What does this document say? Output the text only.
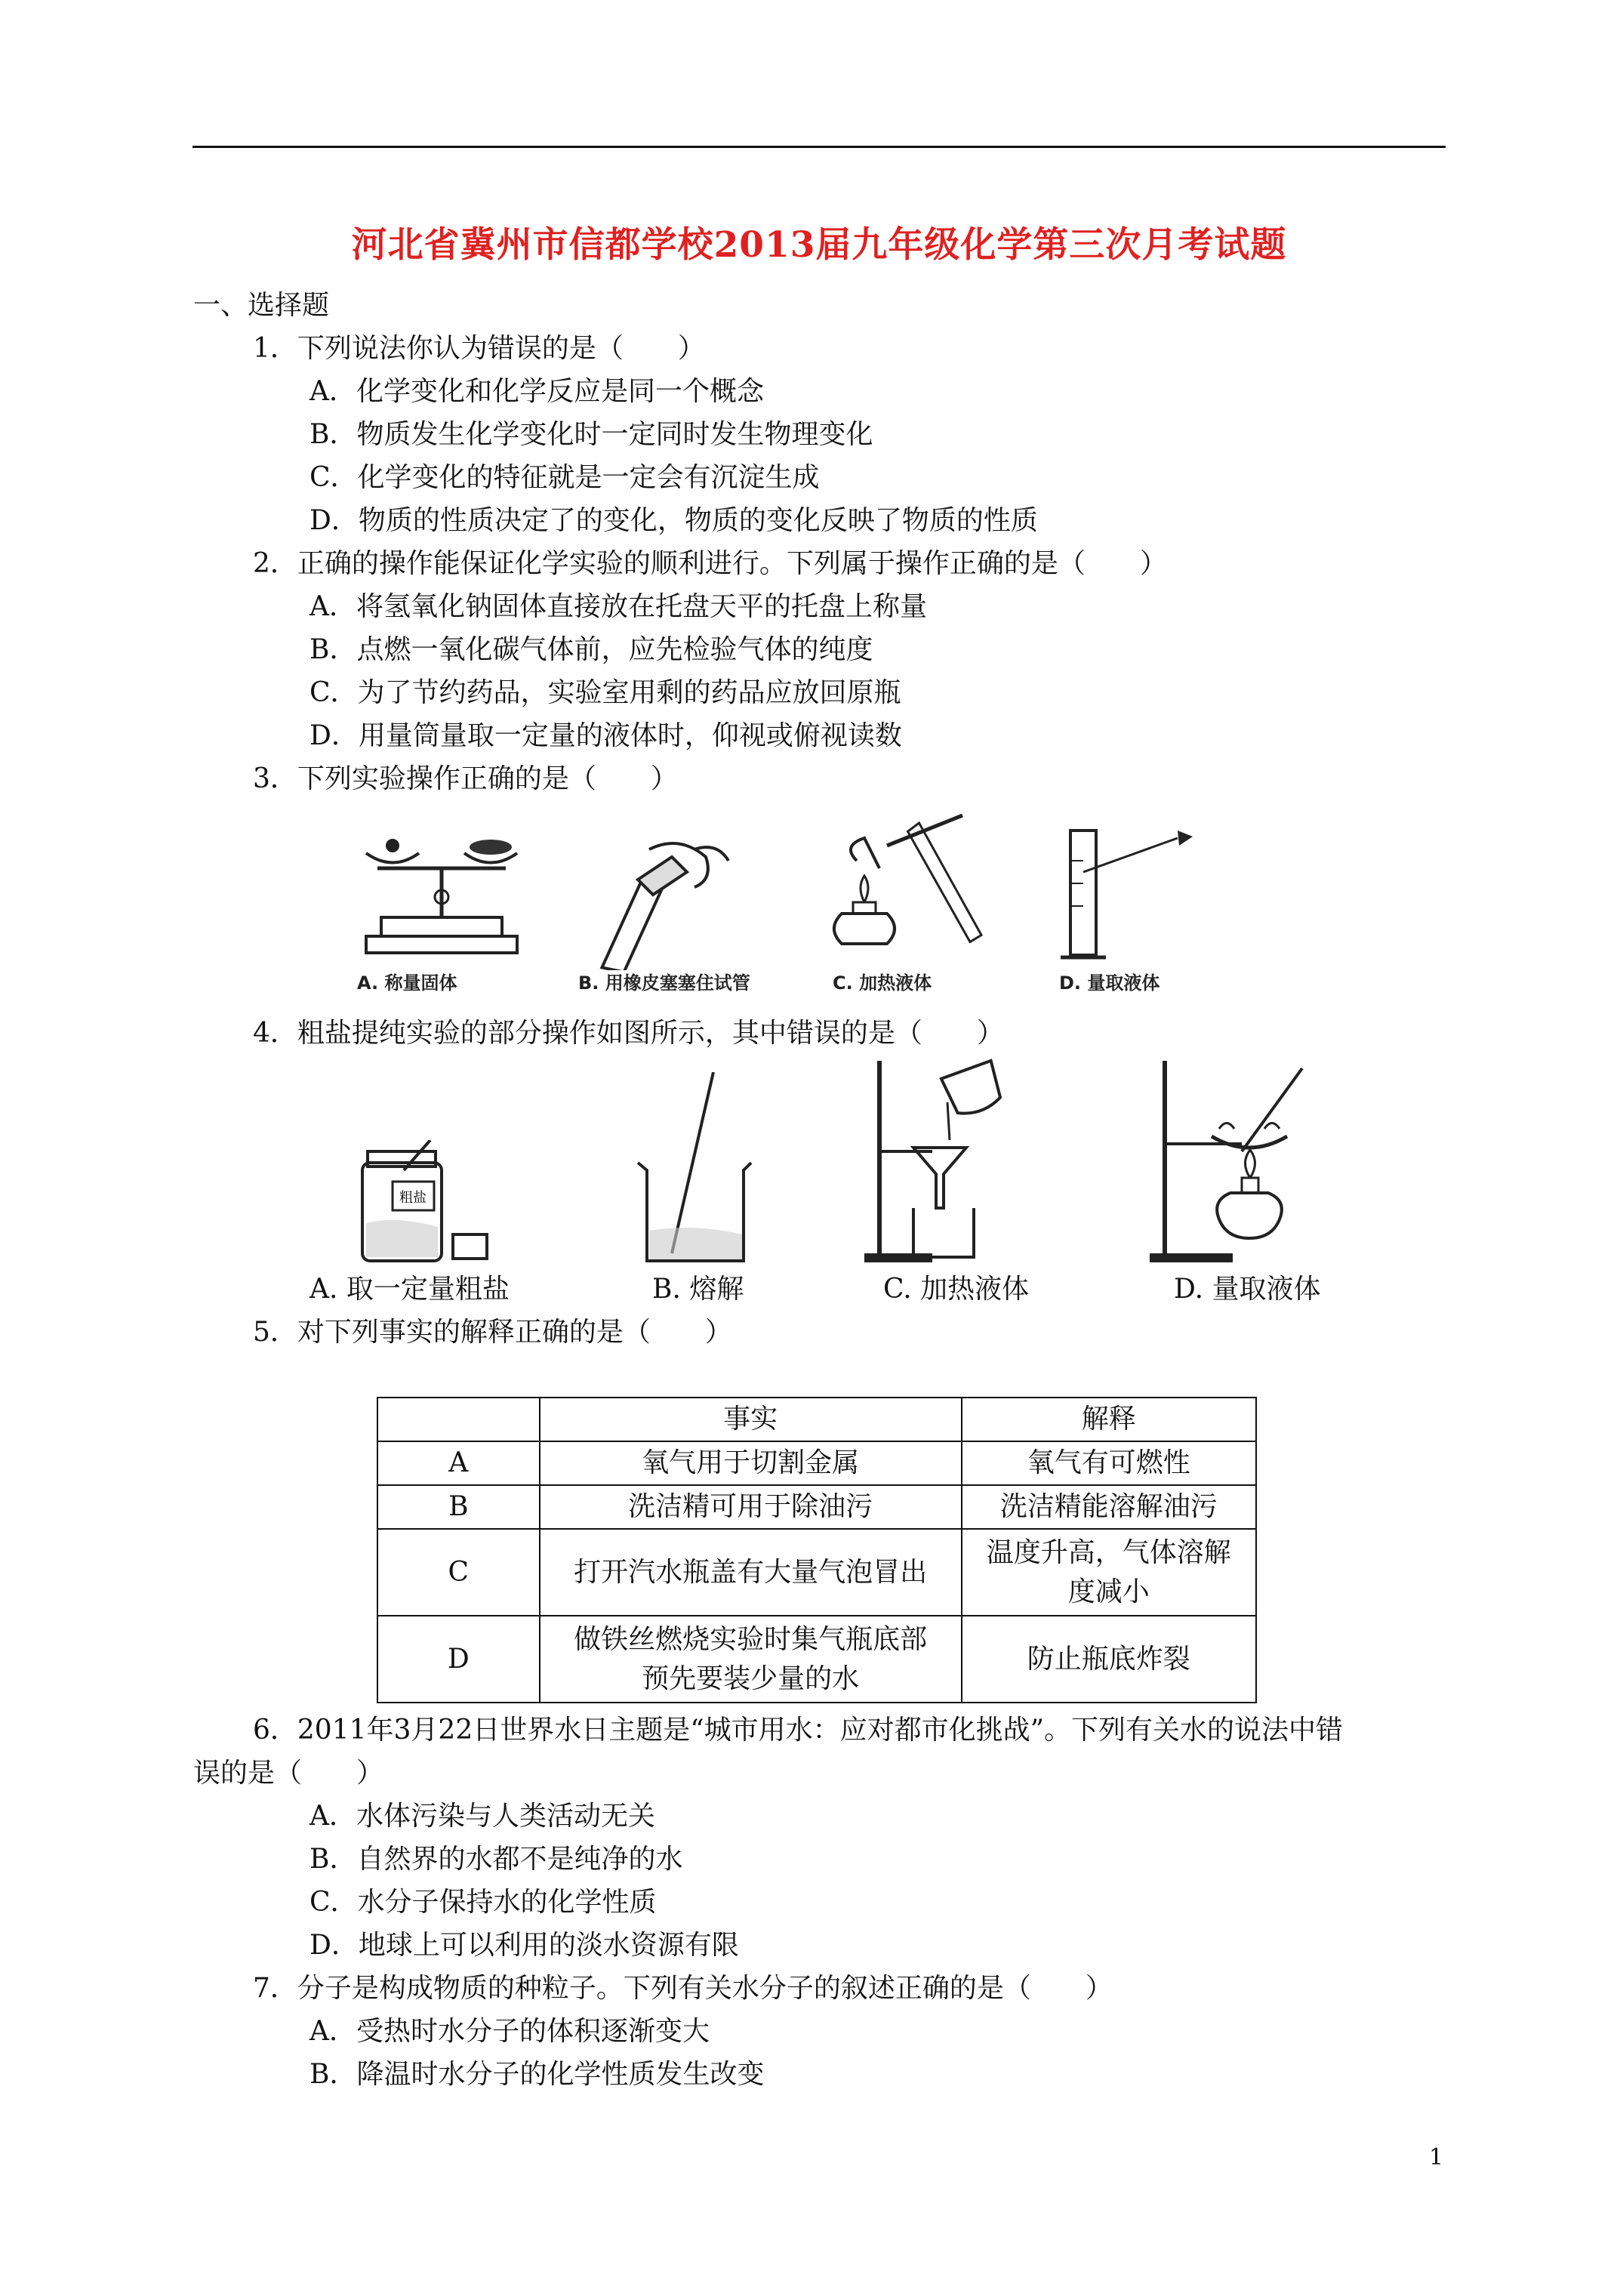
河北省冀州市信都学校2013届九年级化学第三次月考试题
一、选择题
1．下列说法你认为错误的是（　　）
A．化学变化和化学反应是同一个概念
B．物质发生化学变化时一定同时发生物理变化
C．化学变化的特征就是一定会有沉淀生成
D．物质的性质决定了的变化，物质的变化反映了物质的性质
2．正确的操作能保证化学实验的顺利进行。下列属于操作正确的是（　　）
A．将氢氧化钠固体直接放在托盘天平的托盘上称量
B．点燃一氧化碳气体前，应先检验气体的纯度
C．为了节约药品，实验室用剩的药品应放回原瓶
D．用量筒量取一定量的液体时，仰视或俯视读数
3．下列实验操作正确的是（　　）
A. 称量固体	B. 用橡皮塞塞住试管	C. 加热液体	D. 量取液体
4．粗盐提纯实验的部分操作如图所示，其中错误的是（　　）
粗盐
A. 取一定量粗盐	B. 熔解	C. 加热液体	D. 量取液体
5．对下列事实的解释正确的是（　　）
	事实	解释
A	氧气用于切割金属	氧气有可燃性
B	洗洁精可用于除油污	洗洁精能溶解油污
C	打开汽水瓶盖有大量气泡冒出	温度升高，气体溶解度减小
D	做铁丝燃烧实验时集气瓶底部预先要装少量的水	防止瓶底炸裂
6．2011年3月22日世界水日主题是“城市用水：应对都市化挑战”。下列有关水的说法中错
误的是（　　）
A．水体污染与人类活动无关
B．自然界的水都不是纯净的水
C．水分子保持水的化学性质
D．地球上可以利用的淡水资源有限
7．分子是构成物质的种粒子。下列有关水分子的叙述正确的是（　　）
A．受热时水分子的体积逐渐变大
B．降温时水分子的化学性质发生改变
1
